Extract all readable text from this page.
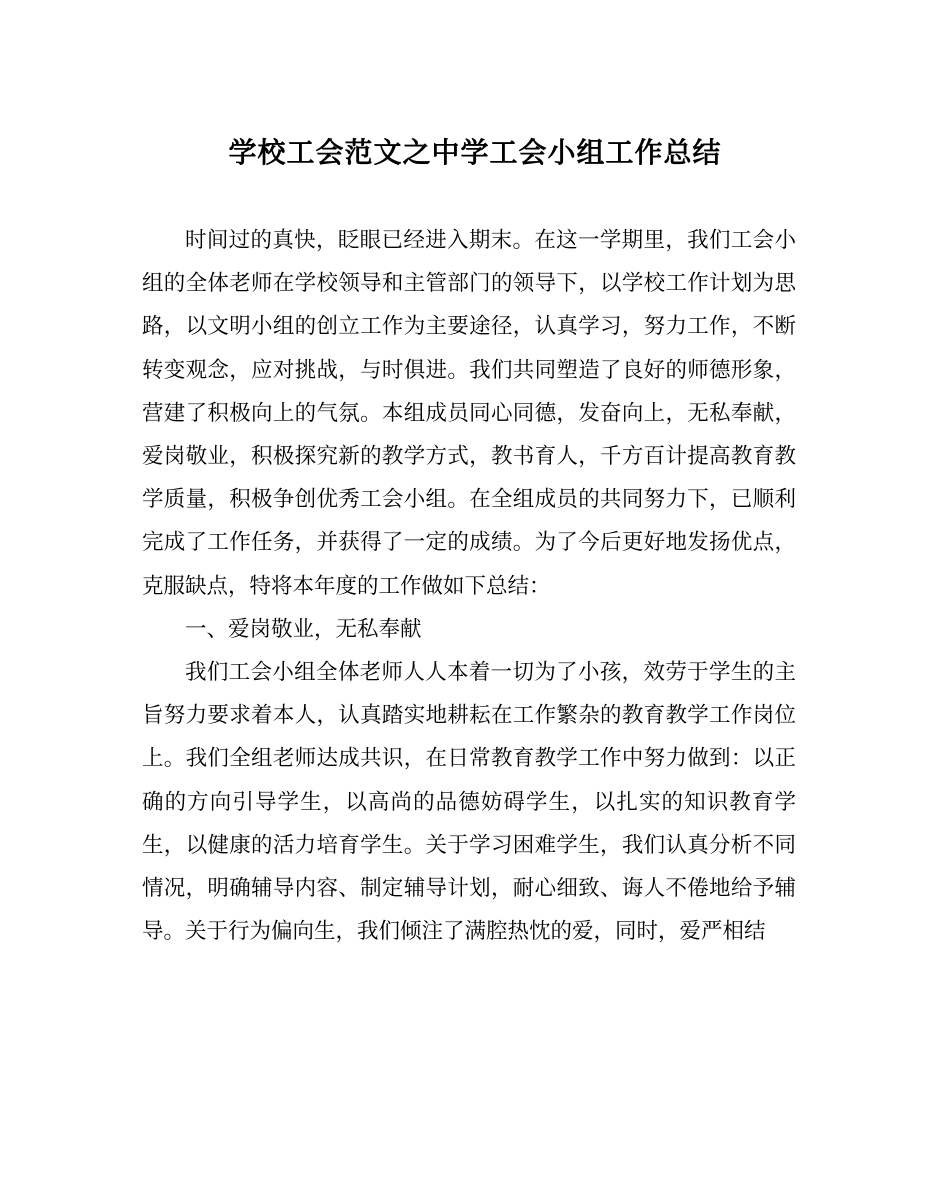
学校工会范文之中学工会小组工作总结

时间过的真快，眨眼已经进入期末。在这一学期里，我们工会小组的全体老师在学校领导和主管部门的领导下，以学校工作计划为思路，以文明小组的创立工作为主要途径，认真学习，努力工作，不断转变观念，应对挑战，与时俱进。我们共同塑造了良好的师德形象，营建了积极向上的气氛。本组成员同心同德，发奋向上，无私奉献，爱岗敬业，积极探究新的教学方式，教书育人，千方百计提高教育教学质量，积极争创优秀工会小组。在全组成员的共同努力下，已顺利完成了工作任务，并获得了一定的成绩。为了今后更好地发扬优点，克服缺点，特将本年度的工作做如下总结：

一、爱岗敬业，无私奉献

我们工会小组全体老师人人本着一切为了小孩，效劳于学生的主旨努力要求着本人，认真踏实地耕耘在工作繁杂的教育教学工作岗位上。我们全组老师达成共识，在日常教育教学工作中努力做到：以正确的方向引导学生，以高尚的品德妨碍学生，以扎实的知识教育学生，以健康的活力培育学生。关于学习困难学生，我们认真分析不同情况，明确辅导内容、制定辅导计划，耐心细致、诲人不倦地给予辅导。关于行为偏向生，我们倾注了满腔热忱的爱，同时，爱严相结
